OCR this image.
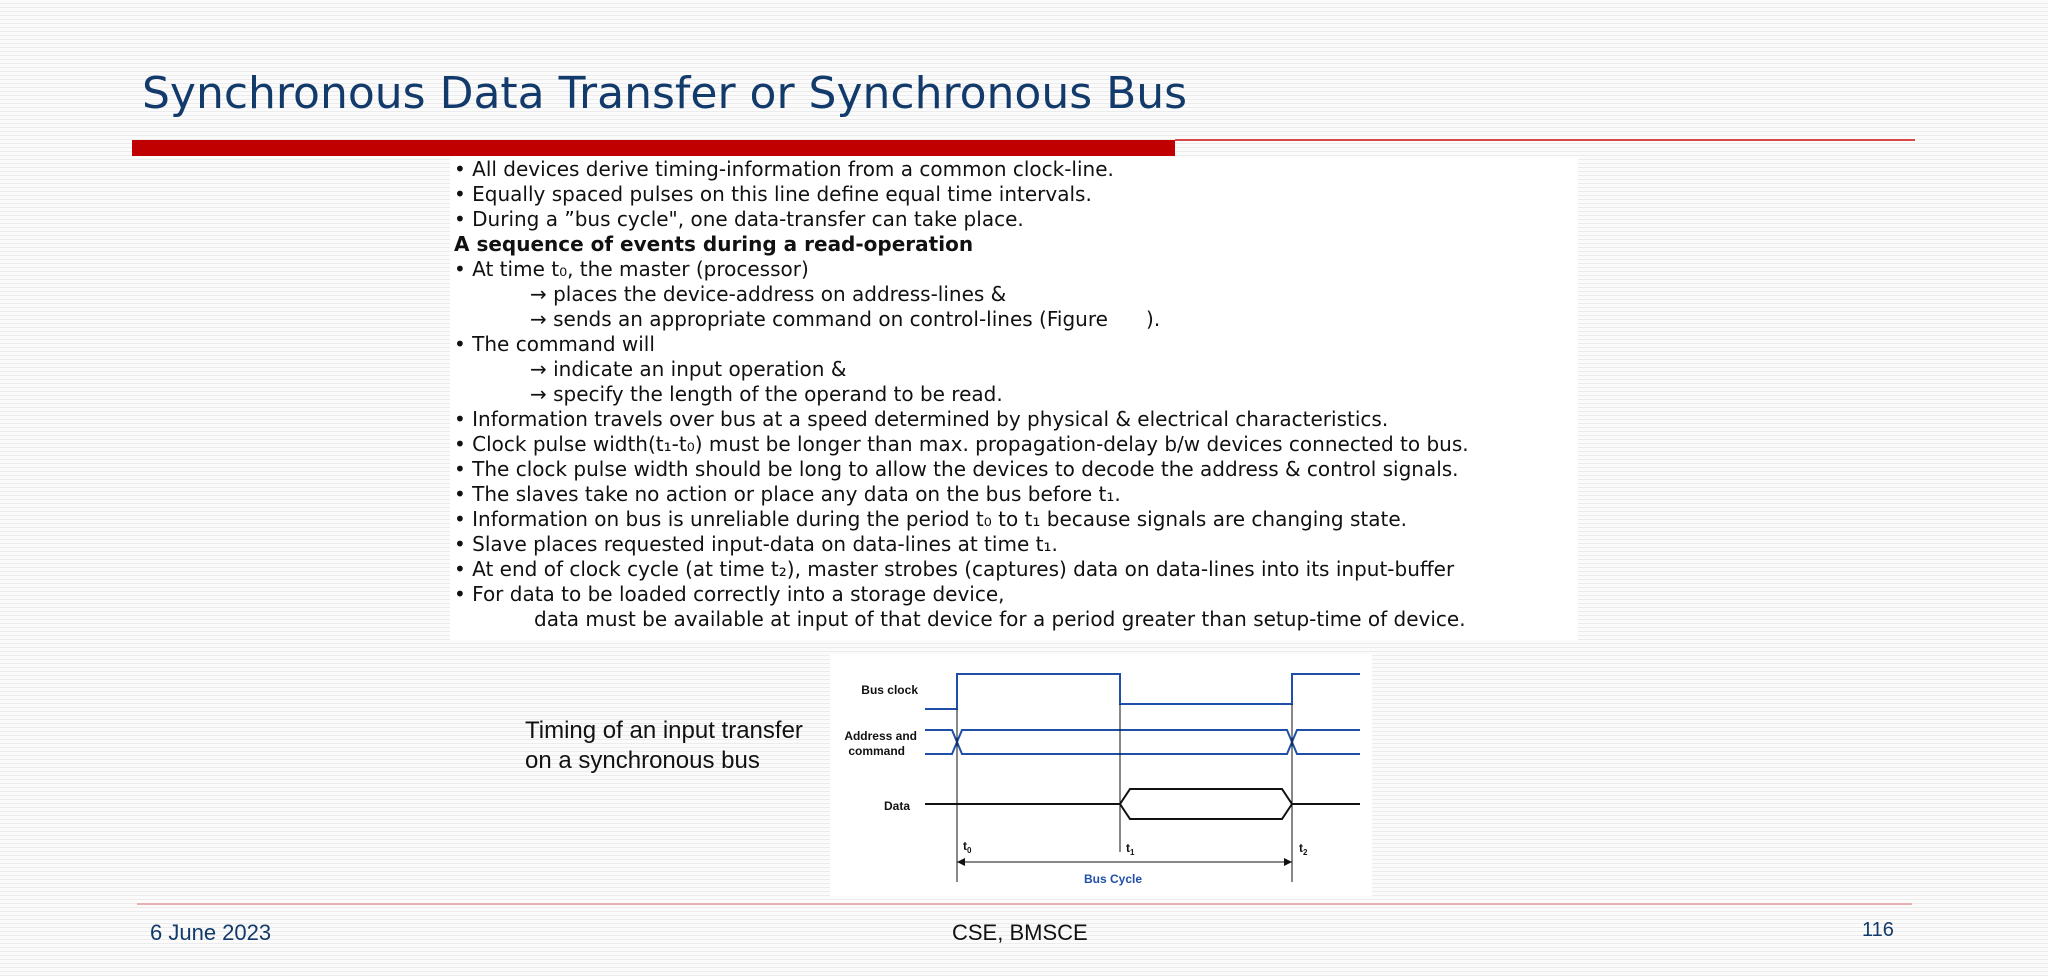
Synchronous Data Transfer or Synchronous Bus
• All devices derive timing-information from a common clock-line.
• Equally spaced pulses on this line define equal time intervals.
• During a ”bus cycle", one data-transfer can take place.
A sequence of events during a read-operation
• At time t₀, the master (processor)
→ places the device-address on address-lines &
→ sends an appropriate command on control-lines (Figure      ).
• The command will
→ indicate an input operation &
→ specify the length of the operand to be read.
• Information travels over bus at a speed determined by physical & electrical characteristics.
• Clock pulse width(t₁-t₀) must be longer than max. propagation-delay b/w devices connected to bus.
• The clock pulse width should be long to allow the devices to decode the address & control signals.
• The slaves take no action or place any data on the bus before t₁.
• Information on bus is unreliable during the period t₀ to t₁ because signals are changing state.
• Slave places requested input-data on data-lines at time t₁.
• At end of clock cycle (at time t₂), master strobes (captures) data on data-lines into its input-buffer
• For data to be loaded correctly into a storage device,
data must be available at input of that device for a period greater than setup-time of device.
Timing of an input transfer
on a synchronous bus
Bus clock
Address and
command
Data
$t_0$	$t_1$	$t_2$
Bus Cycle
6 June 2023	CSE, BMSCE	116
